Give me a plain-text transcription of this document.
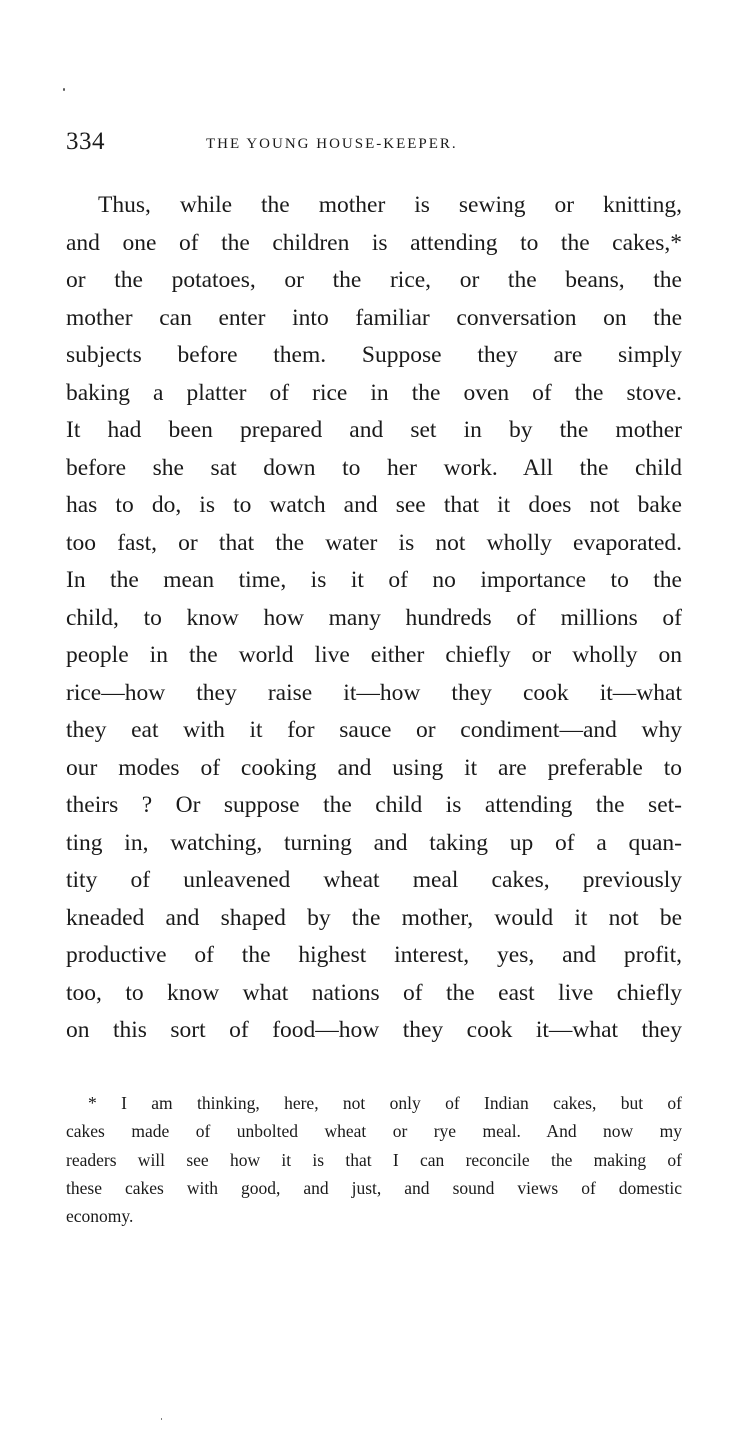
334	THE YOUNG HOUSE-KEEPER.
Thus, while the mother is sewing or knitting,
and one of the children is attending to the cakes,*
or the potatoes, or the rice, or the beans, the
mother can enter into familiar conversation on the
subjects before them. Suppose they are simply
baking a platter of rice in the oven of the stove.
It had been prepared and set in by the mother
before she sat down to her work. All the child
has to do, is to watch and see that it does not bake
too fast, or that the water is not wholly evaporated.
In the mean time, is it of no importance to the
child, to know how many hundreds of millions of
people in the world live either chiefly or wholly on
rice—how they raise it—how they cook it—what
they eat with it for sauce or condiment—and why
our modes of cooking and using it are preferable to
theirs ? Or suppose the child is attending the set-
ting in, watching, turning and taking up of a quan-
tity of unleavened wheat meal cakes, previously
kneaded and shaped by the mother, would it not be
productive of the highest interest, yes, and profit,
too, to know what nations of the east live chiefly
on this sort of food—how they cook it—what they
* I am thinking, here, not only of Indian cakes, but of
cakes made of unbolted wheat or rye meal. And now my
readers will see how it is that I can reconcile the making of
these cakes with good, and just, and sound views of domestic
economy.
